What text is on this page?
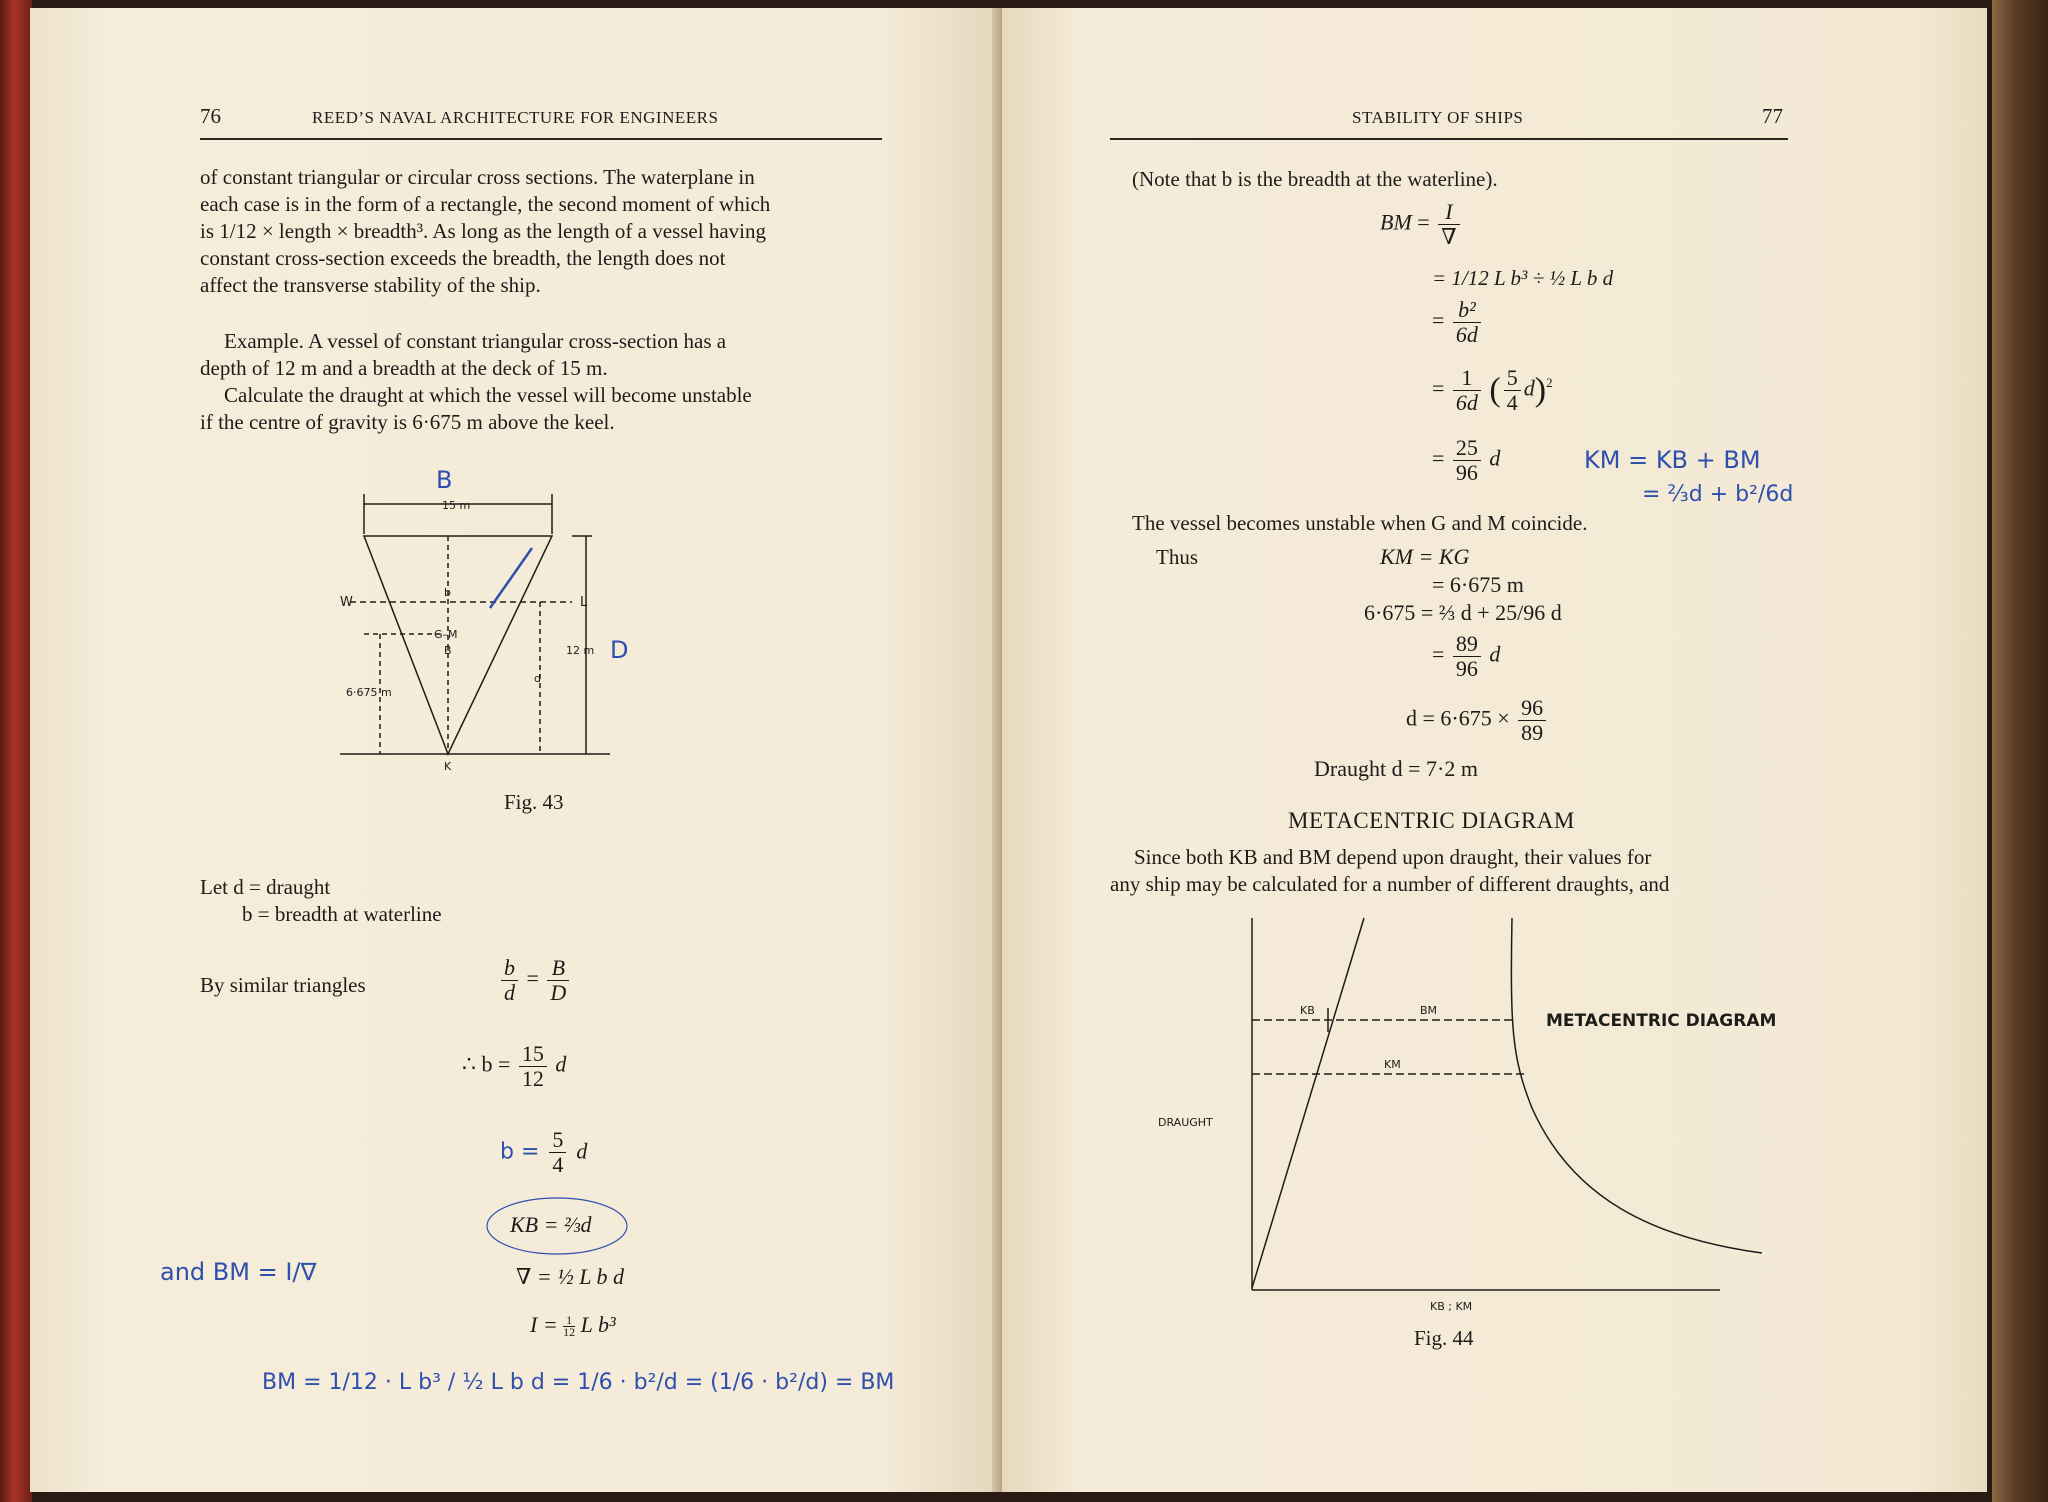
76	REED’S NAVAL ARCHITECTURE FOR ENGINEERS

of constant triangular or circular cross sections. The waterplane in

each case is in the form of a rectangle, the second moment of which

is 1/12 × length × breadth³. As long as the length of a vessel having

constant cross-section exceeds the breadth, the length does not

affect the transverse stability of the ship.

Example. A vessel of constant triangular cross-section has a

depth of 12 m and a breadth at the deck of 15 m.

Calculate the draught at which the vessel will become unstable

if the centre of gravity is 6·675 m above the keel.

15 m
W	L
b
G–M
B
d
6·675 m
12 m
K
B
D
Fig. 43

Let d = draught

b = breadth at waterline

By similar triangles	$\frac{b}{d} = \frac{B}{D}$
∴ $b = \frac{15}{12}$ d
$b = \frac{5}{4}$ d
KB = ⅔d
∇ = ½ L b d
$I = \frac{1}{12}$ L b³
and BM = I/∇
BM = 1/12 · L b³ / ½ L b d = 1/6 · b²/d = (1/6 · b²/d) = BM
STABILITY OF SHIPS	77
(Note that b is the breadth at the waterline).
BM = $\frac{I}{\nabla}$
= 1/12 L b³ ÷ ½ L b d
= $\frac{\text{b²}}{6d}$
= $\frac{1}{6d}$ ( $\frac{5}{4} d)^2$
= $\frac{25}{96}$ d	KM = KB + BM
= ⅔d + b²/6d
The vessel becomes unstable when G and M coincide.
Thus	KM = KG
= 6·675 m
6·675 = ⅔ d + 25/96 d
= $\frac{89}{96}$ d
$d = 6\cdot 675 \times \frac{96}{89}$
Draught d = 7·2 m
METACENTRIC DIAGRAM

Since both KB and BM depend upon draught, their values for

any ship may be calculated for a number of different draughts, and

KB	BM
KM
DRAUGHT
KB ; KM
METACENTRIC DIAGRAM
Fig. 44
